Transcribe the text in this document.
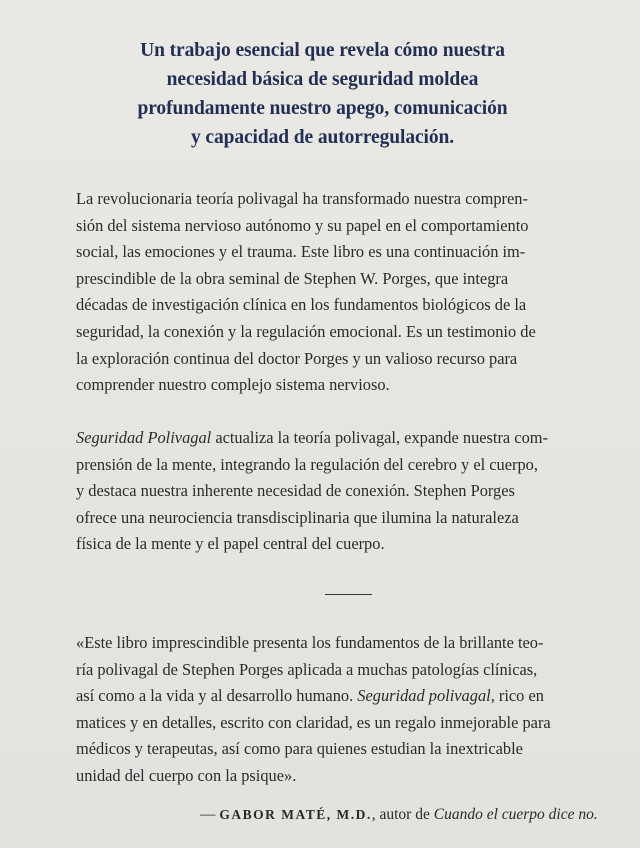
Un trabajo esencial que revela cómo nuestra
necesidad básica de seguridad moldea
profundamente nuestro apego, comunicación
y capacidad de autorregulación.
La revolucionaria teoría polivagal ha transformado nuestra compren-
sión del sistema nervioso autónomo y su papel en el comportamiento
social, las emociones y el trauma. Este libro es una continuación im-
prescindible de la obra seminal de Stephen W. Porges, que integra
décadas de investigación clínica en los fundamentos biológicos de la
seguridad, la conexión y la regulación emocional. Es un testimonio de
la exploración continua del doctor Porges y un valioso recurso para
comprender nuestro complejo sistema nervioso.
Seguridad Polivagal actualiza la teoría polivagal, expande nuestra com-
prensión de la mente, integrando la regulación del cerebro y el cuerpo,
y destaca nuestra inherente necesidad de conexión. Stephen Porges
ofrece una neurociencia transdisciplinaria que ilumina la naturaleza
física de la mente y el papel central del cuerpo.
«Este libro imprescindible presenta los fundamentos de la brillante teo-
ría polivagal de Stephen Porges aplicada a muchas patologías clínicas,
así como a la vida y al desarrollo humano. Seguridad polivagal, rico en
matices y en detalles, escrito con claridad, es un regalo inmejorable para
médicos y terapeutas, así como para quienes estudian la inextricable
unidad del cuerpo con la psique».
— GABOR MATÉ, M.D., autor de Cuando el cuerpo dice no.
